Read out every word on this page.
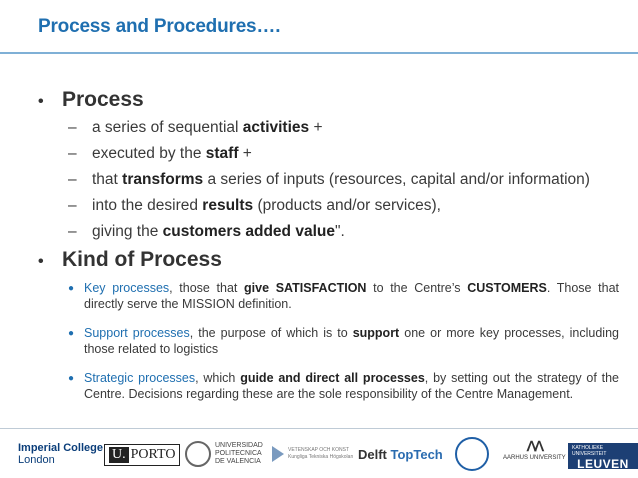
Process and Procedures….
• Process
– a series of sequential activities +
– executed by the staff +
– that transforms a series of inputs (resources, capital and/or information)
– into the desired results (products and/or services),
– giving the customers added value".
• Kind of Process
● Key processes, those that give SATISFACTION to the Centre’s CUSTOMERS. Those that directly serve the MISSION definition.
● Support processes, the purpose of which is to support one or more key processes, including those related to logistics
● Strategic processes, which guide and direct all processes, by setting out the strategy of the Centre. Decisions regarding these are the sole responsibility of the Centre Management.
Imperial College
London	U. PORTO
UNIVERSIDAD
POLITECNICA
DE VALENCIA
VETENSKAP OCH KONST
Kungliga Tekniska Högskolan Delft
TopTech	ᐱᐱ
AARHUS UNIVERSITY
KATHOLIEKE UNIVERSITEIT
LEUVEN
